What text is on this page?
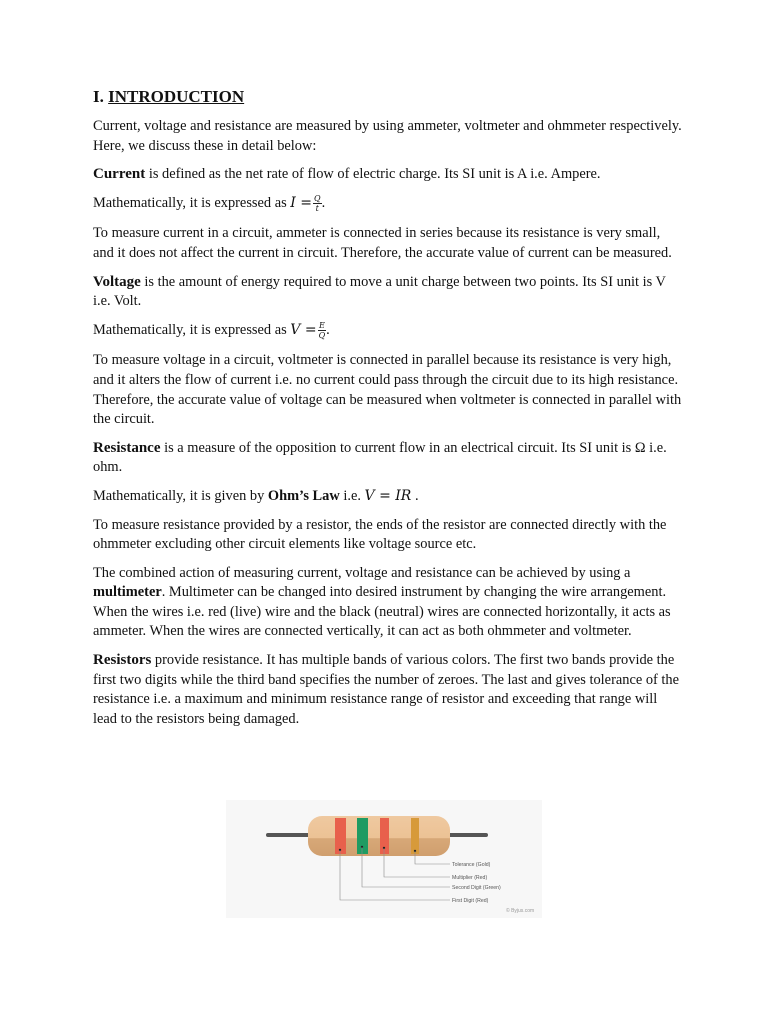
I. INTRODUCTION

Current, voltage and resistance are measured by using ammeter, voltmeter and ohmmeter respectively. Here, we discuss these in detail below:

Current is defined as the net rate of flow of electric charge. Its SI unit is A i.e. Ampere.

Mathematically, it is expressed as $I = \frac{Q}{t}$ .

To measure current in a circuit, ammeter is connected in series because its resistance is very small, and it does not affect the current in circuit. Therefore, the accurate value of current can be measured.

Voltage is the amount of energy required to move a unit charge between two points. Its SI unit is V i.e. Volt.

Mathematically, it is expressed as $V = \frac{E}{Q}$ .

To measure voltage in a circuit, voltmeter is connected in parallel because its resistance is very high, and it alters the flow of current i.e. no current could pass through the circuit due to its high resistance. Therefore, the accurate value of voltage can be measured when voltmeter is connected in parallel with the circuit.

Resistance is a measure of the opposition to current flow in an electrical circuit. Its SI unit is Ω i.e. ohm.

Mathematically, it is given by Ohm’s Law i.e. V = IR .

To measure resistance provided by a resistor, the ends of the resistor are connected directly with the ohmmeter excluding other circuit elements like voltage source etc.

The combined action of measuring current, voltage and resistance can be achieved by using a multimeter. Multimeter can be changed into desired instrument by changing the wire arrangement. When the wires i.e. red (live) wire and the black (neutral) wires are connected horizontally, it acts as ammeter. When the wires are connected vertically, it can act as both ohmmeter and voltmeter.

Resistors provide resistance. It has multiple bands of various colors. The first two bands provide the first two digits while the third band specifies the number of zeroes. The last and gives tolerance of the resistance i.e. a maximum and minimum resistance range of resistor and exceeding that range will lead to the resistors being damaged.

Tolerance (Gold)
Multiplier (Red)
Second Digit (Green)
First Digit (Red)
© Byjus.com
